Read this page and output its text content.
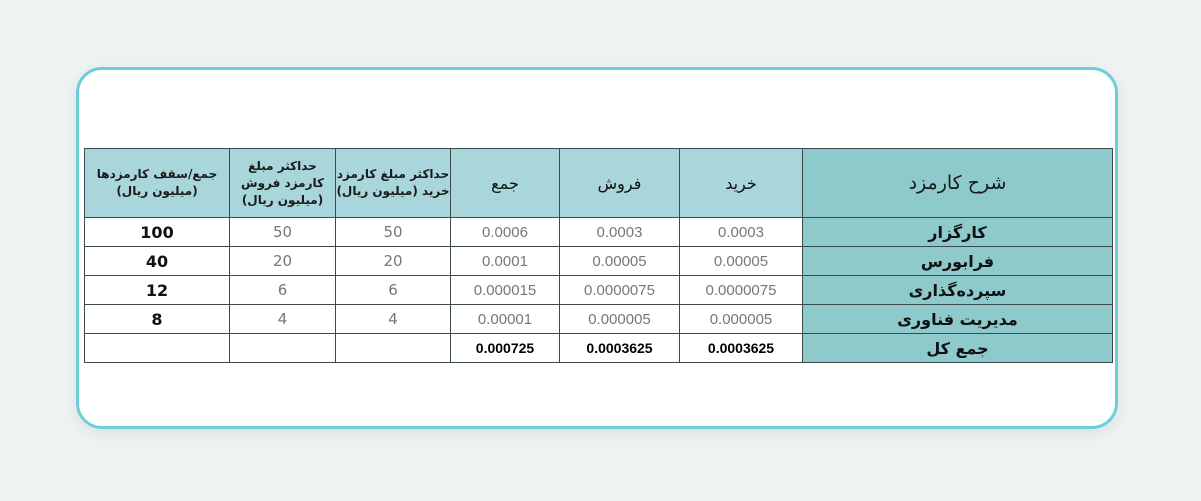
جمع/سقف کارمزدها (میلیون ریال)	حداکثر مبلغ کارمزد فروش (میلیون ریال)	حداکثر مبلغ کارمزد خرید (میلیون ریال)	جمع	فروش	خرید	شرح کارمزد
100	50	50	0.0006	0.0003	0.0003	کارگزار
40	20	20	0.0001	0.00005	0.00005	فرابورس
12	6	6	0.000015	0.0000075	0.0000075	سپرده‌گذاری
8	4	4	0.00001	0.000005	0.000005	مدیریت فناوری
			0.000725	0.0003625	0.0003625	جمع کل
